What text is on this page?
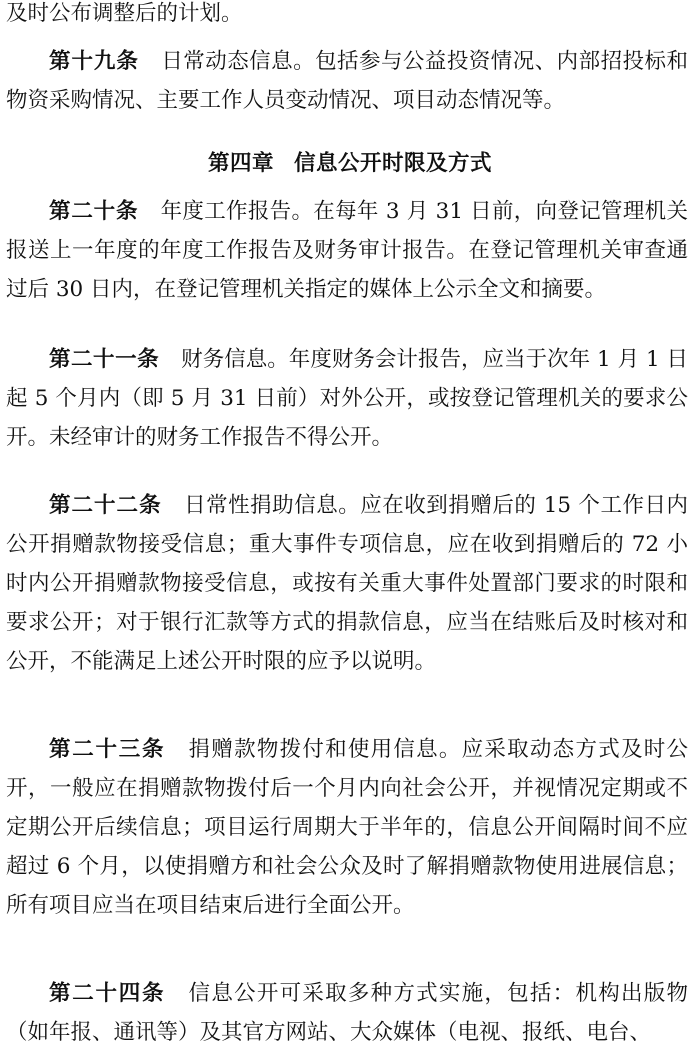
及时公布调整后的计划。

第十九条 日常动态信息。包括参与公益投资情况、内部招投标和物资采购情况、主要工作人员变动情况、项目动态情况等。

第四章 信息公开时限及方式

第二十条 年度工作报告。在每年 3 月 31 日前，向登记管理机关报送上一年度的年度工作报告及财务审计报告。在登记管理机关审查通过后 30 日内，在登记管理机关指定的媒体上公示全文和摘要。

第二十一条 财务信息。年度财务会计报告，应当于次年 1 月 1 日起 5 个月内（即 5 月 31 日前）对外公开，或按登记管理机关的要求公开。未经审计的财务工作报告不得公开。

第二十二条 日常性捐助信息。应在收到捐赠后的 15 个工作日内公开捐赠款物接受信息；重大事件专项信息，应在收到捐赠后的 72 小时内公开捐赠款物接受信息，或按有关重大事件处置部门要求的时限和要求公开；对于银行汇款等方式的捐款信息，应当在结账后及时核对和公开，不能满足上述公开时限的应予以说明。

第二十三条 捐赠款物拨付和使用信息。应采取动态方式及时公开，一般应在捐赠款物拨付后一个月内向社会公开，并视情况定期或不定期公开后续信息；项目运行周期大于半年的，信息公开间隔时间不应超过 6 个月，以使捐赠方和社会公众及时了解捐赠款物使用进展信息；所有项目应当在项目结束后进行全面公开。

第二十四条 信息公开可采取多种方式实施，包括：机构出版物（如年报、通讯等）及其官方网站、大众媒体（电视、报纸、电台、
